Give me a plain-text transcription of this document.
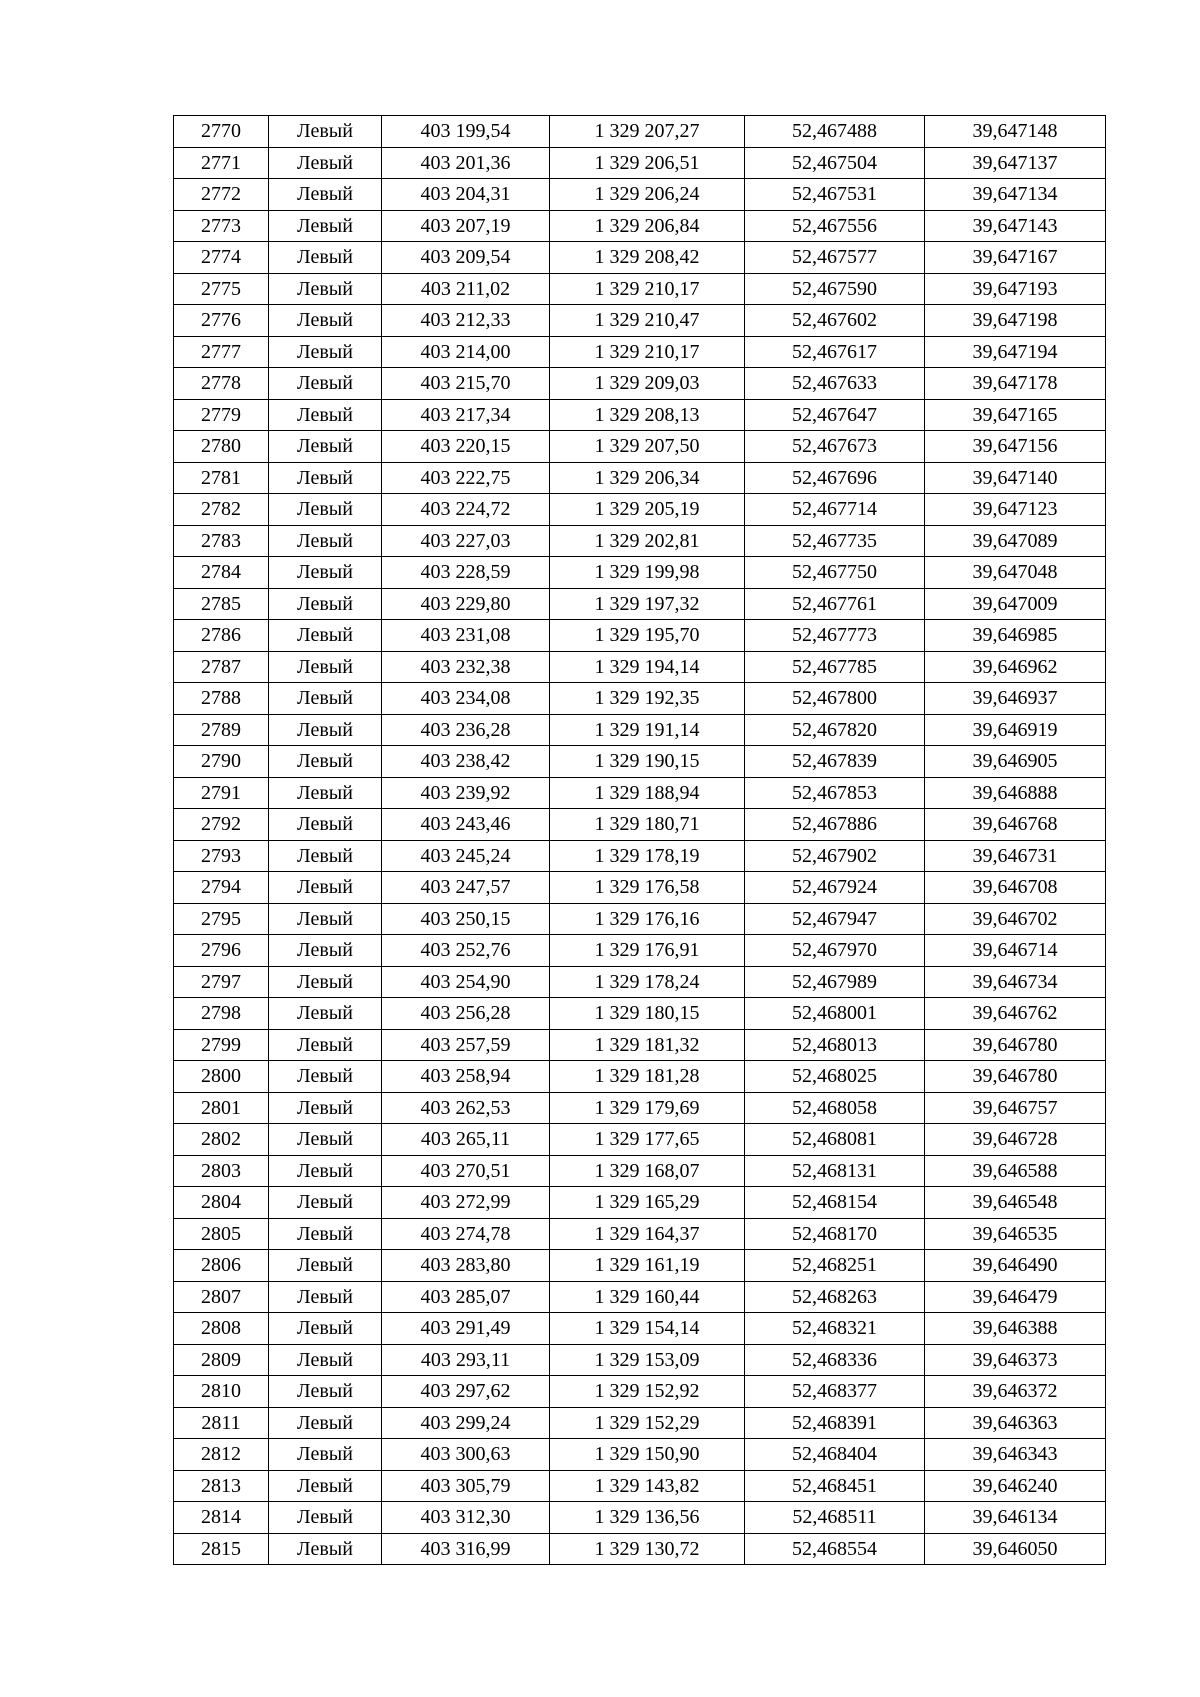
2770	Левый	403 199,54	1 329 207,27	52,467488	39,647148
2771	Левый	403 201,36	1 329 206,51	52,467504	39,647137
2772	Левый	403 204,31	1 329 206,24	52,467531	39,647134
2773	Левый	403 207,19	1 329 206,84	52,467556	39,647143
2774	Левый	403 209,54	1 329 208,42	52,467577	39,647167
2775	Левый	403 211,02	1 329 210,17	52,467590	39,647193
2776	Левый	403 212,33	1 329 210,47	52,467602	39,647198
2777	Левый	403 214,00	1 329 210,17	52,467617	39,647194
2778	Левый	403 215,70	1 329 209,03	52,467633	39,647178
2779	Левый	403 217,34	1 329 208,13	52,467647	39,647165
2780	Левый	403 220,15	1 329 207,50	52,467673	39,647156
2781	Левый	403 222,75	1 329 206,34	52,467696	39,647140
2782	Левый	403 224,72	1 329 205,19	52,467714	39,647123
2783	Левый	403 227,03	1 329 202,81	52,467735	39,647089
2784	Левый	403 228,59	1 329 199,98	52,467750	39,647048
2785	Левый	403 229,80	1 329 197,32	52,467761	39,647009
2786	Левый	403 231,08	1 329 195,70	52,467773	39,646985
2787	Левый	403 232,38	1 329 194,14	52,467785	39,646962
2788	Левый	403 234,08	1 329 192,35	52,467800	39,646937
2789	Левый	403 236,28	1 329 191,14	52,467820	39,646919
2790	Левый	403 238,42	1 329 190,15	52,467839	39,646905
2791	Левый	403 239,92	1 329 188,94	52,467853	39,646888
2792	Левый	403 243,46	1 329 180,71	52,467886	39,646768
2793	Левый	403 245,24	1 329 178,19	52,467902	39,646731
2794	Левый	403 247,57	1 329 176,58	52,467924	39,646708
2795	Левый	403 250,15	1 329 176,16	52,467947	39,646702
2796	Левый	403 252,76	1 329 176,91	52,467970	39,646714
2797	Левый	403 254,90	1 329 178,24	52,467989	39,646734
2798	Левый	403 256,28	1 329 180,15	52,468001	39,646762
2799	Левый	403 257,59	1 329 181,32	52,468013	39,646780
2800	Левый	403 258,94	1 329 181,28	52,468025	39,646780
2801	Левый	403 262,53	1 329 179,69	52,468058	39,646757
2802	Левый	403 265,11	1 329 177,65	52,468081	39,646728
2803	Левый	403 270,51	1 329 168,07	52,468131	39,646588
2804	Левый	403 272,99	1 329 165,29	52,468154	39,646548
2805	Левый	403 274,78	1 329 164,37	52,468170	39,646535
2806	Левый	403 283,80	1 329 161,19	52,468251	39,646490
2807	Левый	403 285,07	1 329 160,44	52,468263	39,646479
2808	Левый	403 291,49	1 329 154,14	52,468321	39,646388
2809	Левый	403 293,11	1 329 153,09	52,468336	39,646373
2810	Левый	403 297,62	1 329 152,92	52,468377	39,646372
2811	Левый	403 299,24	1 329 152,29	52,468391	39,646363
2812	Левый	403 300,63	1 329 150,90	52,468404	39,646343
2813	Левый	403 305,79	1 329 143,82	52,468451	39,646240
2814	Левый	403 312,30	1 329 136,56	52,468511	39,646134
2815	Левый	403 316,99	1 329 130,72	52,468554	39,646050
